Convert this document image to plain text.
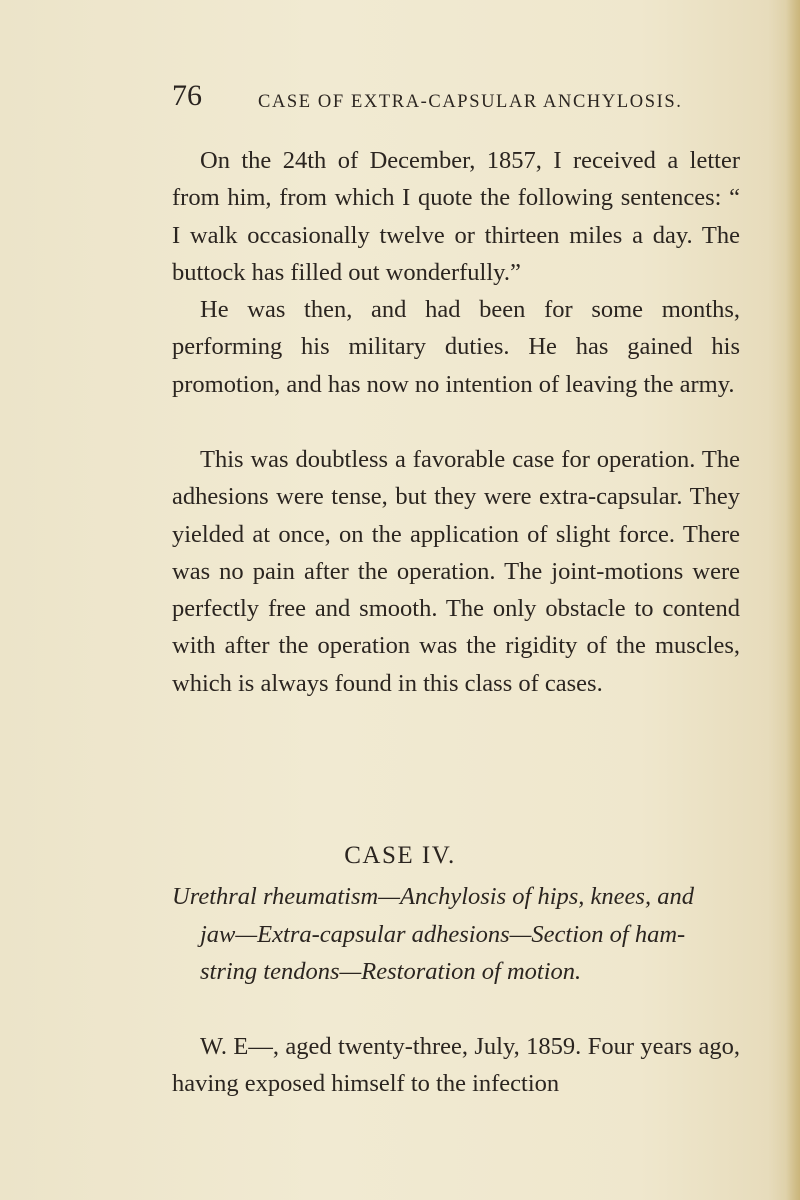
76	CASE OF EXTRA-CAPSULAR ANCHYLOSIS.

On the 24th of December, 1857, I received a letter from him, from which I quote the following sentences: “ I walk occasionally twelve or thirteen miles a day. The buttock has filled out wonderfully.”

He was then, and had been for some months, performing his military duties. He has gained his promotion, and has now no intention of leaving the army.

This was doubtless a favorable case for operation. The adhesions were tense, but they were extra-capsular. They yielded at once, on the application of slight force. There was no pain after the operation. The joint-motions were perfectly free and smooth. The only obstacle to contend with after the operation was the rigidity of the muscles, which is always found in this class of cases.

CASE IV.
Urethral rheumatism—Anchylosis of hips, knees, and
jaw—Extra-capsular adhesions—Section of ham-
string tendons—Restoration of motion.

W. E—, aged twenty-three, July, 1859. Four years ago, having exposed himself to the infection
